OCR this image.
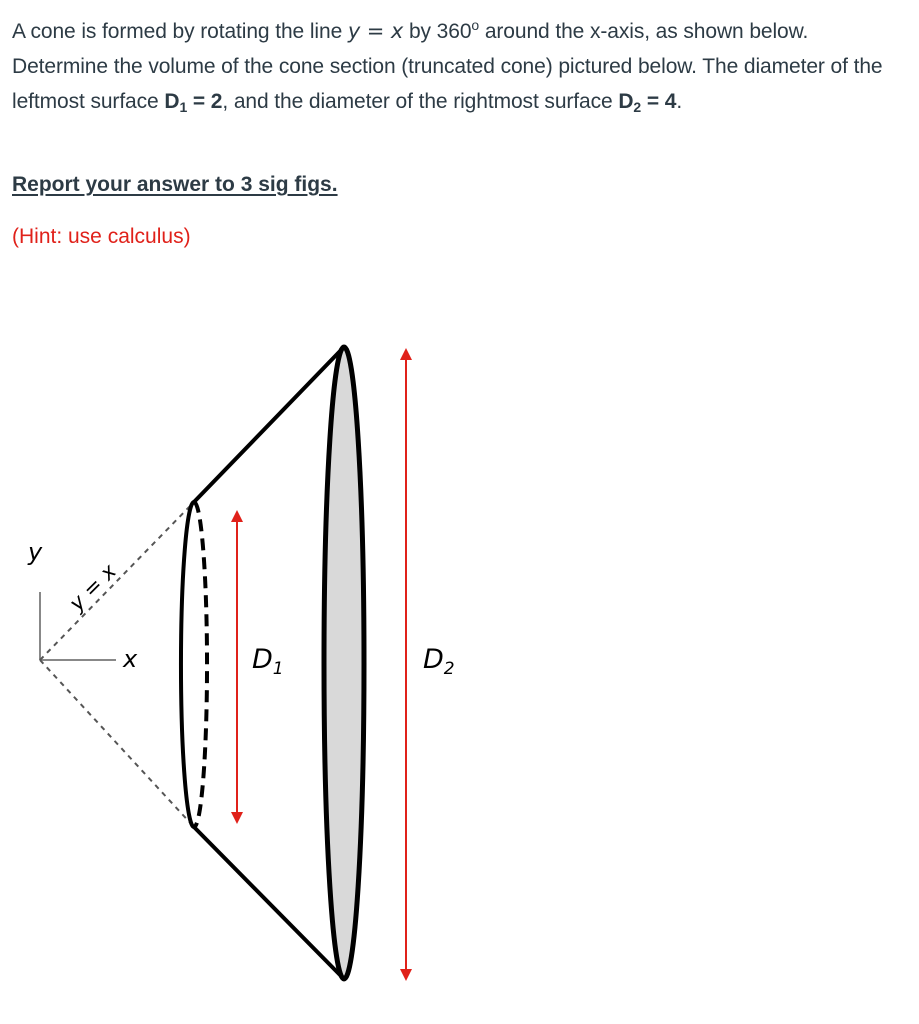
A cone is formed by rotating the line y = x by 360$^o$ around the x-axis, as shown below. Determine the volume of the cone section (truncated cone) pictured below. The diameter of the leftmost surface $D_1 = 2$, and the diameter of the rightmost surface $D_2 = 4$.
Report your answer to 3 sig figs.
(Hint: use calculus)
y
x
y = x
$D_1$	$D_2$
